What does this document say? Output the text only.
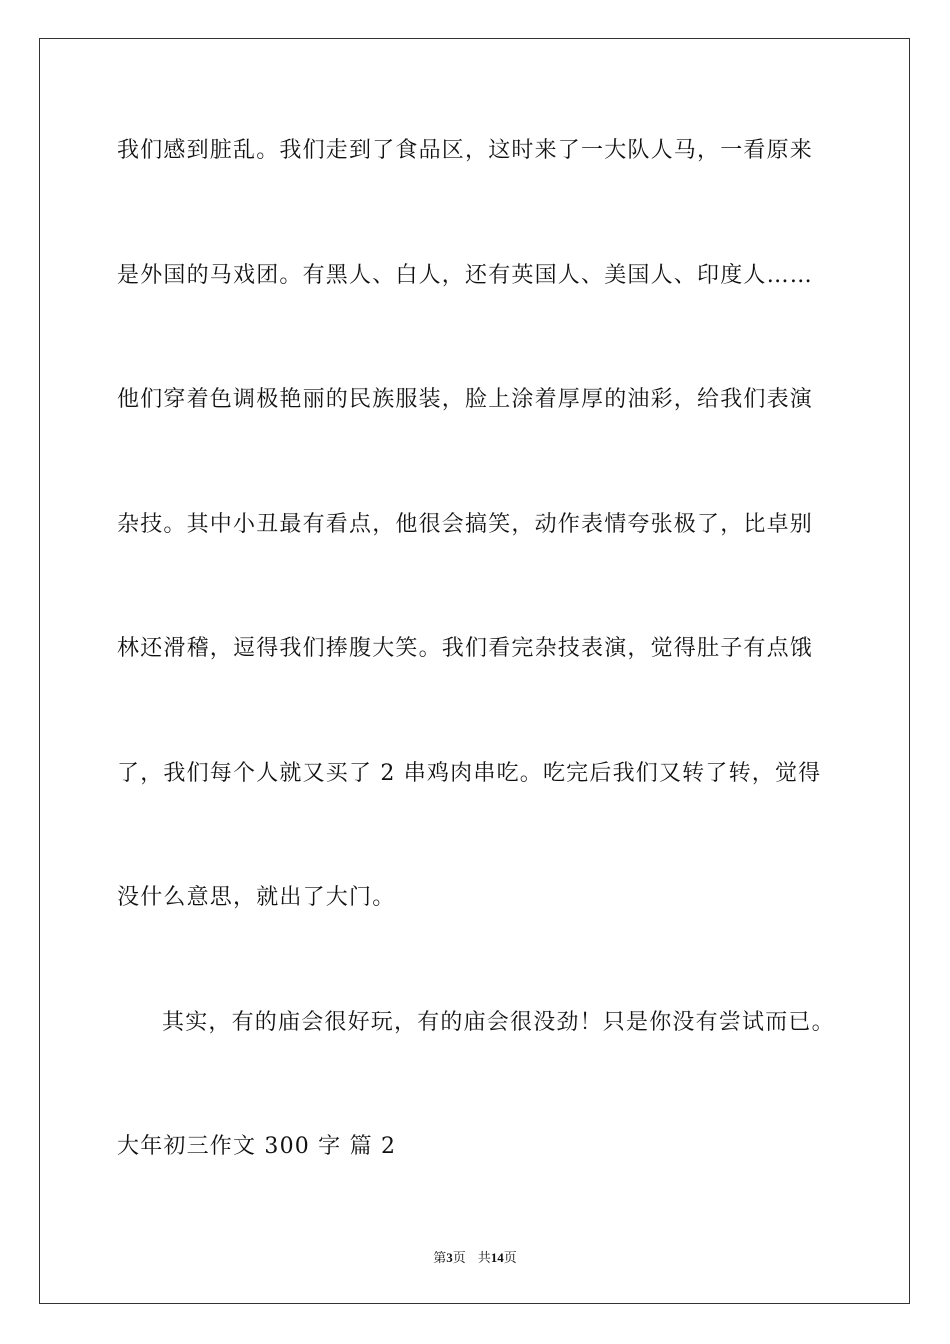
我们感到脏乱。我们走到了食品区，这时来了一大队人马，一看原来
是外国的马戏团。有黑人、白人，还有英国人、美国人、印度人……
他们穿着色调极艳丽的民族服装，脸上涂着厚厚的油彩，给我们表演
杂技。其中小丑最有看点，他很会搞笑，动作表情夸张极了，比卓别
林还滑稽，逗得我们捧腹大笑。我们看完杂技表演，觉得肚子有点饿
了，我们每个人就又买了 2 串鸡肉串吃。吃完后我们又转了转，觉得
没什么意思，就出了大门。
其实，有的庙会很好玩，有的庙会很没劲！只是你没有尝试而已。
大年初三作文 300 字 篇 2
第3页 共14页
